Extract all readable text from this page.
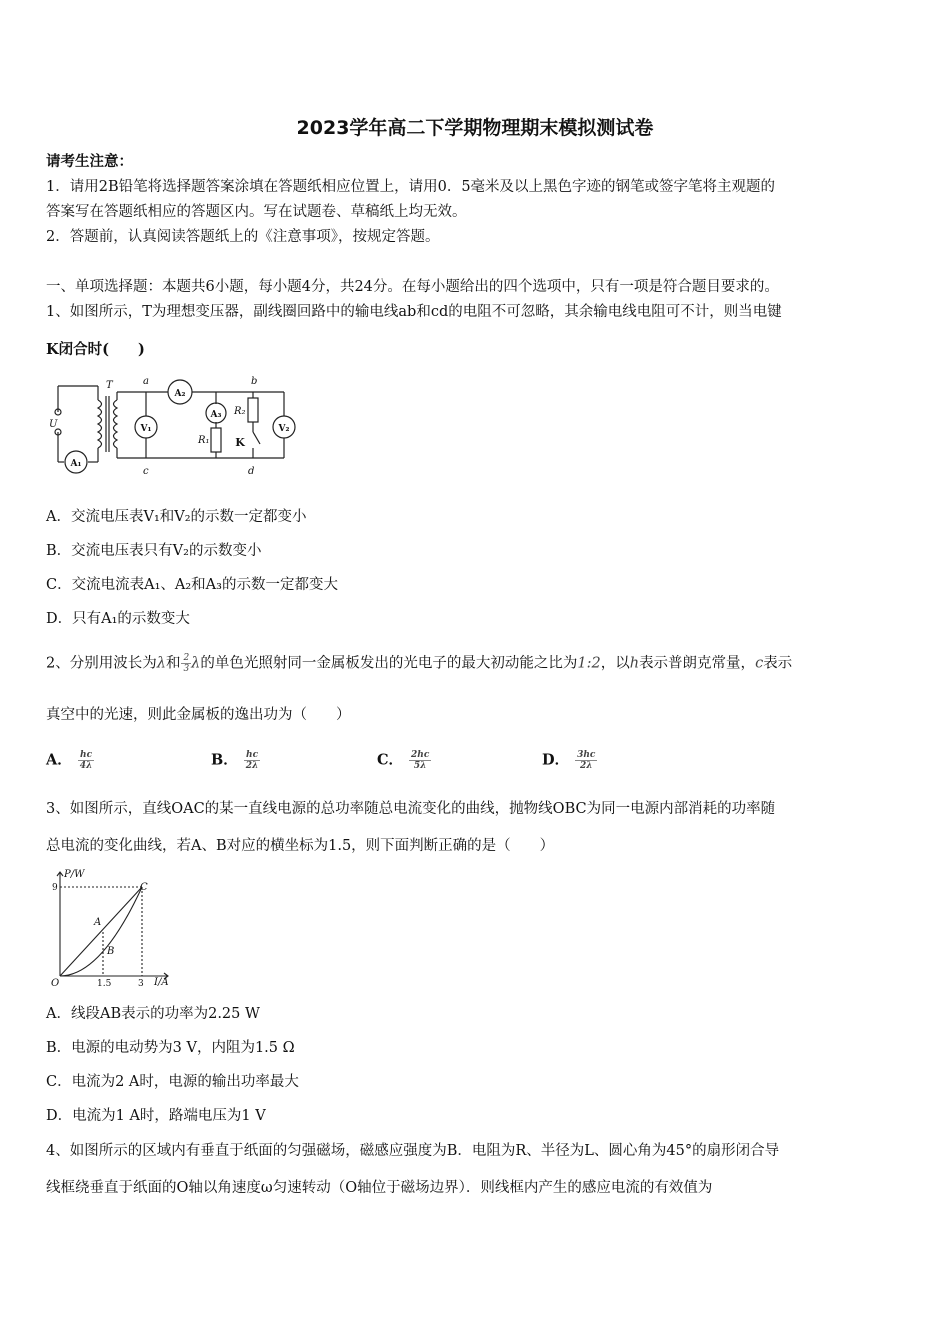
2023学年高二下学期物理期末模拟测试卷
请考生注意：
1．请用2B铅笔将选择题答案涂填在答题纸相应位置上，请用0．5毫米及以上黑色字迹的钢笔或签字笔将主观题的
答案写在答题纸相应的答题区内。写在试题卷、草稿纸上均无效。
2．答题前，认真阅读答题纸上的《注意事项》，按规定答题。
一、单项选择题：本题共6小题，每小题4分，共24分。在每小题给出的四个选项中，只有一项是符合题目要求的。
1、如图所示，T为理想变压器，副线圈回路中的输电线ab和cd的电阻不可忽略，其余输电线电阻可不计，则当电键
K闭合时(　　)
T	a	b
c	d
U
R₁
R₂
A₁
A₂
V₁
A₃
V₂
K
A．交流电压表V₁和V₂的示数一定都变小
B．交流电压表只有V₂的示数变小
C．交流电流表A₁、A₂和A₃的示数一定都变大
D．只有A₁的示数变大
2、分别用波长为λ和 $\frac{2}{3}$ λ的单色光照射同一金属板发出的光电子的最大初动能之比为1:2，以h表示普朗克常量，c表示
真空中的光速，则此金属板的逸出功为（　　）
A． $\frac{hc}{4\lambda}$	B． $\frac{hc}{2\lambda}$	C． $\frac{2hc}{5\lambda}$	D． $\frac{3hc}{2\lambda}$
3、如图所示，直线OAC的某一直线电源的总功率随总电流变化的曲线，抛物线OBC为同一电源内部消耗的功率随
总电流的变化曲线，若A、B对应的横坐标为1.5，则下面判断正确的是（　　）
P/W
I/A
O
A
B
C
9
1.5	3
A．线段AB表示的功率为2.25 W
B．电源的电动势为3 V，内阻为1.5 Ω
C．电流为2 A时，电源的输出功率最大
D．电流为1 A时，路端电压为1 V
4、如图所示的区域内有垂直于纸面的匀强磁场，磁感应强度为B．电阻为R、半径为L、圆心角为45°的扇形闭合导
线框绕垂直于纸面的O轴以角速度ω匀速转动（O轴位于磁场边界）．则线框内产生的感应电流的有效值为
